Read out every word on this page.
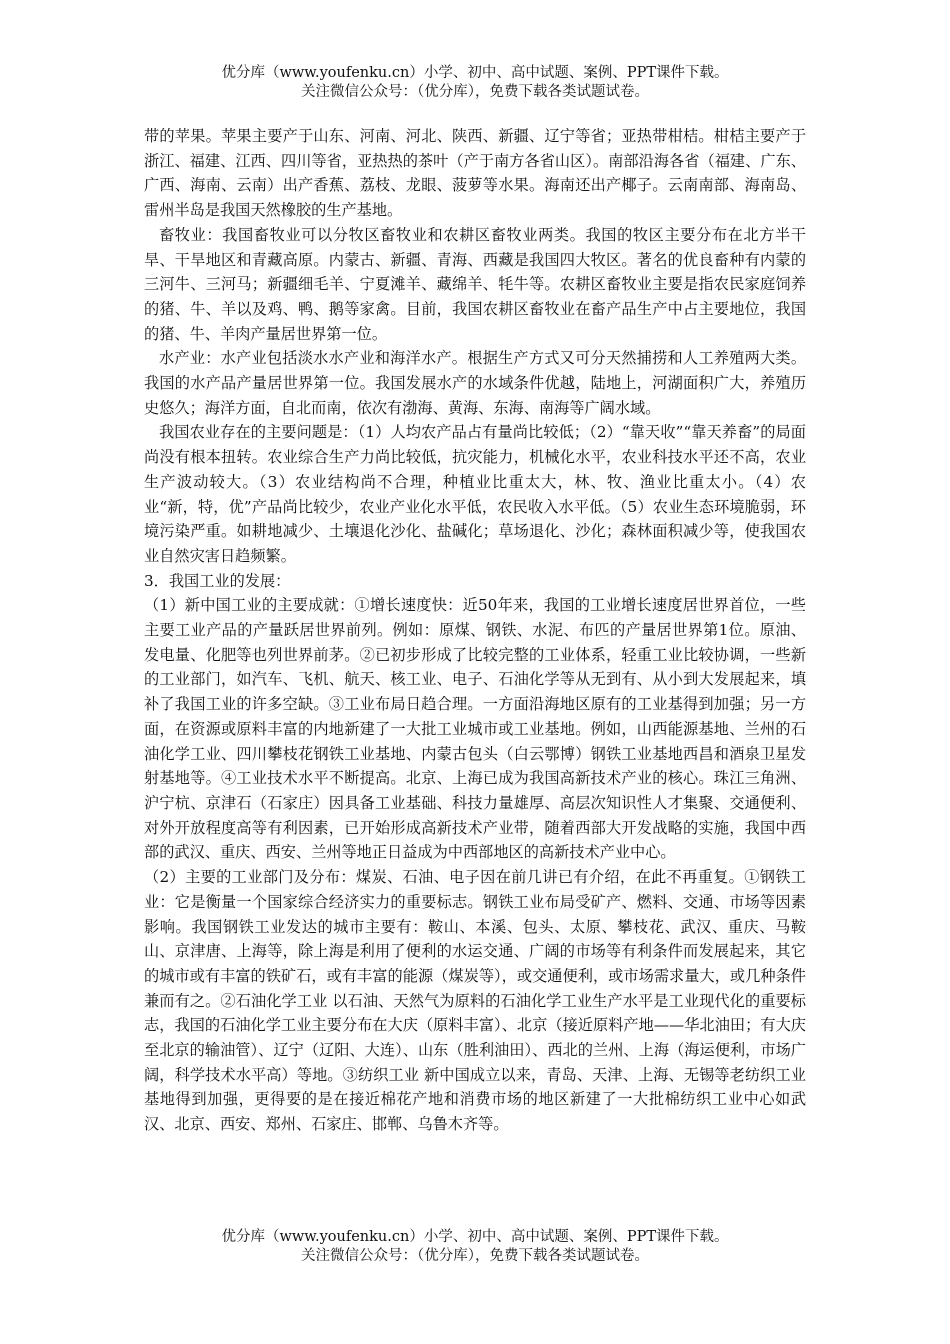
优分库（www.youfenku.cn）小学、初中、高中试题、案例、PPT课件下载。
关注微信公众号：（优分库），免费下载各类试题试卷。

带的苹果。苹果主要产于山东、河南、河北、陕西、新疆、辽宁等省；亚热带柑桔。柑桔主要产于浙江、福建、江西、四川等省，亚热热的茶叶（产于南方各省山区）。南部沿海各省（福建、广东、广西、海南、云南）出产香蕉、荔枝、龙眼、菠萝等水果。海南还出产椰子。云南南部、海南岛、雷州半岛是我国天然橡胶的生产基地。

畜牧业：我国畜牧业可以分牧区畜牧业和农耕区畜牧业两类。我国的牧区主要分布在北方半干旱、干旱地区和青藏高原。内蒙古、新疆、青海、西藏是我国四大牧区。著名的优良畜种有内蒙的三河牛、三河马；新疆细毛羊、宁夏滩羊、藏绵羊、牦牛等。农耕区畜牧业主要是指农民家庭饲养的猪、牛、羊以及鸡、鸭、鹅等家禽。目前，我国农耕区畜牧业在畜产品生产中占主要地位，我国的猪、牛、羊肉产量居世界第一位。

水产业：水产业包括淡水水产业和海洋水产。根据生产方式又可分天然捕捞和人工养殖两大类。我国的水产品产量居世界第一位。我国发展水产的水域条件优越，陆地上，河湖面积广大，养殖历史悠久；海洋方面，自北而南，依次有渤海、黄海、东海、南海等广阔水域。

我国农业存在的主要问题是：（1）人均农产品占有量尚比较低；（2）“靠天收”“靠天养畜”的局面尚没有根本扭转。农业综合生产力尚比较低，抗灾能力，机械化水平，农业科技水平还不高，农业生产波动较大。（3）农业结构尚不合理，种植业比重太大，林、牧、渔业比重太小。（4）农业“新，特，优”产品尚比较少，农业产业化水平低，农民收入水平低。（5）农业生态环境脆弱，环境污染严重。如耕地减少、土壤退化沙化、盐碱化；草场退化、沙化；森林面积减少等，使我国农业自然灾害日趋频繁。

3．我国工业的发展：

（1）新中国工业的主要成就：①增长速度快：近50年来，我国的工业增长速度居世界首位，一些主要工业产品的产量跃居世界前列。例如：原煤、钢铁、水泥、布匹的产量居世界第1位。原油、发电量、化肥等也列世界前茅。②已初步形成了比较完整的工业体系，轻重工业比较协调，一些新的工业部门，如汽车、飞机、航天、核工业、电子、石油化学等从无到有、从小到大发展起来，填补了我国工业的许多空缺。③工业布局日趋合理。一方面沿海地区原有的工业基得到加强；另一方面，在资源或原料丰富的内地新建了一大批工业城市或工业基地。例如，山西能源基地、兰州的石油化学工业、四川攀枝花钢铁工业基地、内蒙古包头（白云鄂博）钢铁工业基地西昌和酒泉卫星发射基地等。④工业技术水平不断提高。北京、上海已成为我国高新技术产业的核心。珠江三角洲、沪宁杭、京津石（石家庄）因具备工业基础、科技力量雄厚、高层次知识性人才集聚、交通便利、对外开放程度高等有利因素，已开始形成高新技术产业带，随着西部大开发战略的实施，我国中西部的武汉、重庆、西安、兰州等地正日益成为中西部地区的高新技术产业中心。

（2）主要的工业部门及分布：煤炭、石油、电子因在前几讲已有介绍，在此不再重复。①钢铁工业：它是衡量一个国家综合经济实力的重要标志。钢铁工业布局受矿产、燃料、交通、市场等因素影响。我国钢铁工业发达的城市主要有：鞍山、本溪、包头、太原、攀枝花、武汉、重庆、马鞍山、京津唐、上海等，除上海是利用了便利的水运交通、广阔的市场等有利条件而发展起来，其它的城市或有丰富的铁矿石，或有丰富的能源（煤炭等），或交通便利，或市场需求量大，或几种条件兼而有之。②石油化学工业 以石油、天然气为原料的石油化学工业生产水平是工业现代化的重要标志，我国的石油化学工业主要分布在大庆（原料丰富）、北京（接近原料产地——华北油田；有大庆至北京的输油管）、辽宁（辽阳、大连）、山东（胜利油田）、西北的兰州、上海（海运便利，市场广阔，科学技术水平高）等地。③纺织工业 新中国成立以来，青岛、天津、上海、无锡等老纺织工业基地得到加强，更得要的是在接近棉花产地和消费市场的地区新建了一大批棉纺织工业中心如武汉、北京、西安、郑州、石家庄、邯郸、乌鲁木齐等。

优分库（www.youfenku.cn）小学、初中、高中试题、案例、PPT课件下载。
关注微信公众号：（优分库），免费下载各类试题试卷。
